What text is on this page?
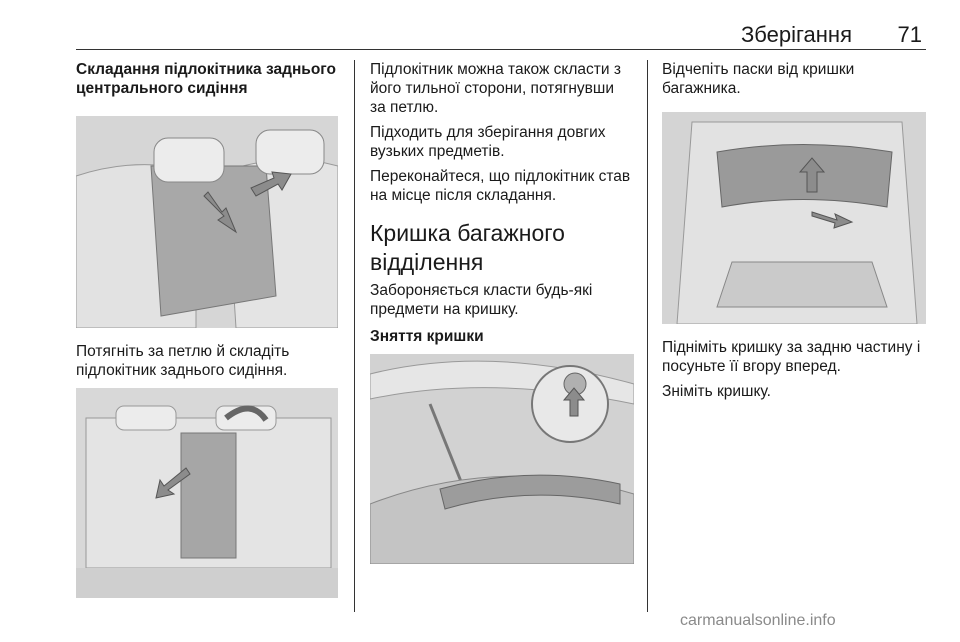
Зберігання 71

Складання підлокітника заднього центрального сидіння

Потягніть за петлю й складіть підлокітник заднього сидіння.

Підлокітник можна також скласти з його тильної сторони, потягнувши за петлю.

Підходить для зберігання довгих вузьких предметів.

Переконайтеся, що підлокітник став на місце після складання.

Кришка багажного відділення

Забороняється класти будь-які предмети на кришку.

Зняття кришки

Відчепіть паски від кришки багажника.

Підніміть кришку за задню частину і посуньте її вгору вперед.

Зніміть кришку.

carmanualsonline.info
